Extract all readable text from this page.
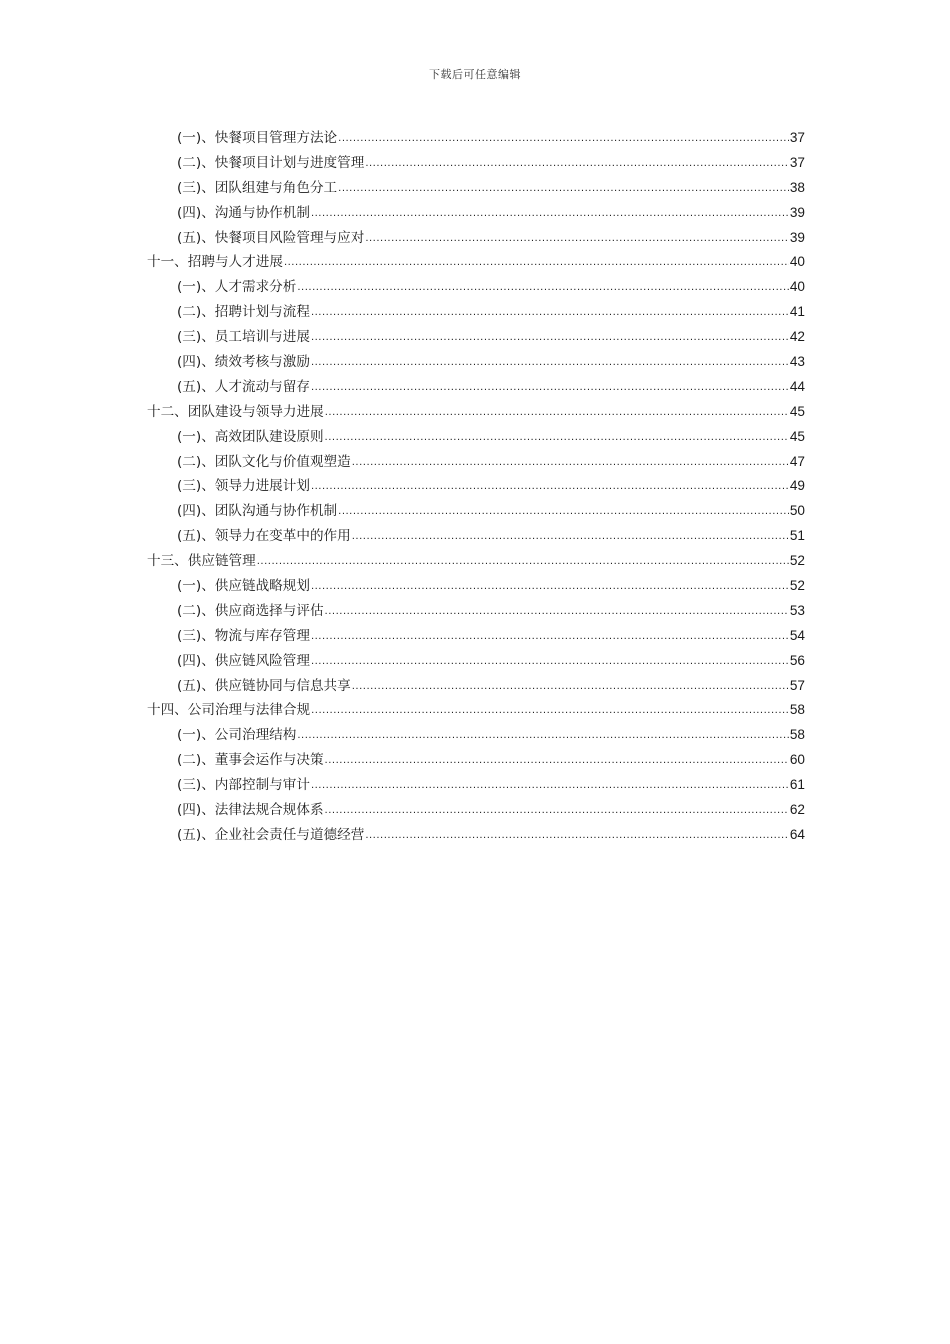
下载后可任意编辑
(一)、快餐项目管理方法论 .....	37
(二)、快餐项目计划与进度管理 .....	37
(三)、团队组建与角色分工 .....	38
(四)、沟通与协作机制 .....	39
(五)、快餐项目风险管理与应对 .....	39
十一、招聘与人才进展 .....	40
(一)、人才需求分析 .....	40
(二)、招聘计划与流程 .....	41
(三)、员工培训与进展 .....	42
(四)、绩效考核与激励 .....	43
(五)、人才流动与留存 .....	44
十二、团队建设与领导力进展 .....	45
(一)、高效团队建设原则 .....	45
(二)、团队文化与价值观塑造 .....	47
(三)、领导力进展计划 .....	49
(四)、团队沟通与协作机制 .....	50
(五)、领导力在变革中的作用 .....	51
十三、供应链管理 .....	52
(一)、供应链战略规划 .....	52
(二)、供应商选择与评估 .....	53
(三)、物流与库存管理 .....	54
(四)、供应链风险管理 .....	56
(五)、供应链协同与信息共享 .....	57
十四、公司治理与法律合规 .....	58
(一)、公司治理结构 .....	58
(二)、董事会运作与决策 .....	60
(三)、内部控制与审计 .....	61
(四)、法律法规合规体系 .....	62
(五)、企业社会责任与道德经营 .....	64
